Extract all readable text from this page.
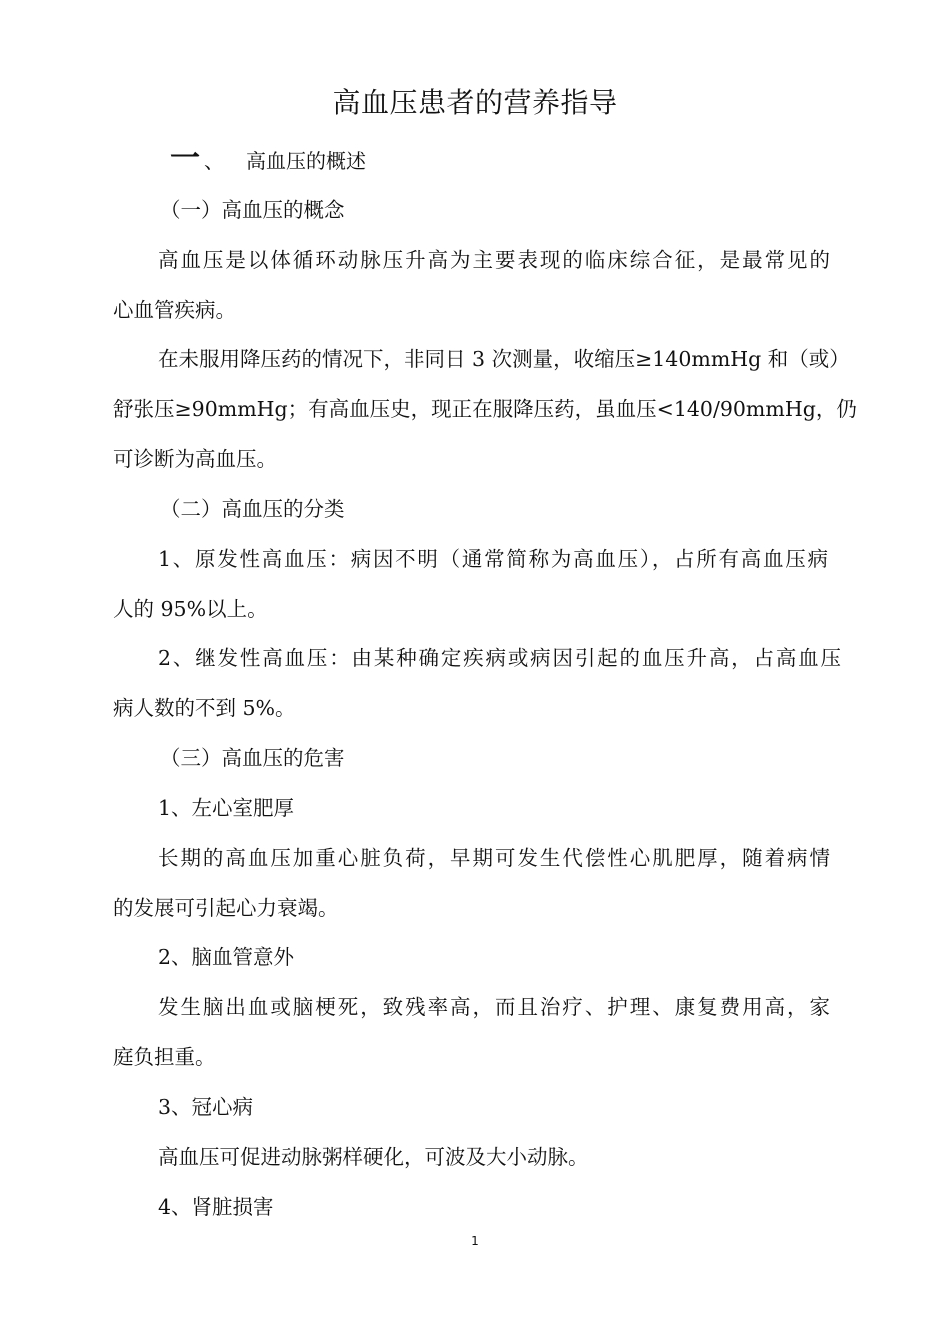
高血压患者的营养指导
一 、 高血压的概述
（一）高血压的概念
高血压是以体循环动脉压升高为主要表现的临床综合征，是最常见的
心血管疾病。
在未服用降压药的情况下，非同日 3 次测量，收缩压≥140mmHg 和（或）
舒张压≥90mmHg；有高血压史，现正在服降压药，虽血压<140/90mmHg，仍
可诊断为高血压。
（二）高血压的分类
1、原发性高血压：病因不明（通常简称为高血压），占所有高血压病
人的 95%以上。
2、继发性高血压：由某种确定疾病或病因引起的血压升高，占高血压
病人数的不到 5%。
（三）高血压的危害
1、左心室肥厚
长期的高血压加重心脏负荷，早期可发生代偿性心肌肥厚，随着病情
的发展可引起心力衰竭。
2、脑血管意外
发生脑出血或脑梗死，致残率高，而且治疗、护理、康复费用高，家
庭负担重。
3、冠心病
高血压可促进动脉粥样硬化，可波及大小动脉。
4、肾脏损害
1
